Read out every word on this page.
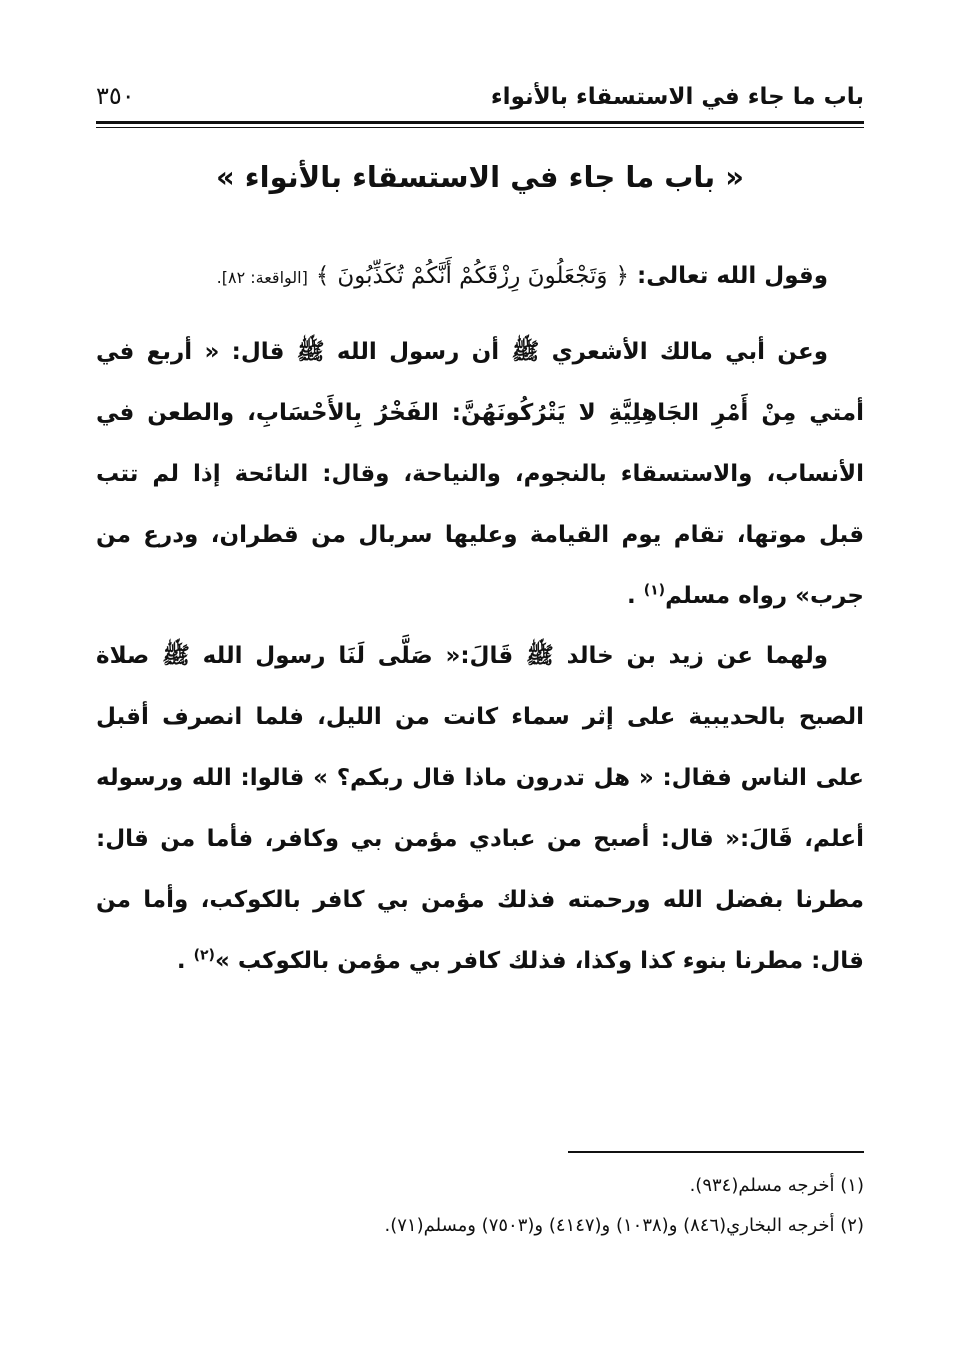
باب ما جاء في الاستسقاء بالأنواء
٣٥٠
« باب ما جاء في الاستسقاء بالأنواء »
وقول الله تعالى: ﴿ وَتَجْعَلُونَ رِزْقَكُمْ أَنَّكُمْ تُكَذِّبُونَ ﴾ [الواقعة: ٨٢].
وعن أبي مالك الأشعري ﷺ أن رسول الله ﷺ قال: « أربع في أمتي مِنْ أَمْرِ الجَاهِلِيَّةِ لا يَتْرُكُونَهُنَّ: الفَخْرُ بِالأَحْسَابِ، والطعن في الأنساب، والاستسقاء بالنجوم، والنياحة، وقال: النائحة إذا لم تتب قبل موتها، تقام يوم القيامة وعليها سربال من قطران، ودرع من جرب» رواه مسلم$^{(١)}$ .
ولهما عن زيد بن خالد ﷺ قَالَ:« صَلَّى لَنَا رسول الله ﷺ صلاة الصبح بالحديبية على إثر سماء كانت من الليل، فلما انصرف أقبل على الناس فقال: « هل تدرون ماذا قال ربكم؟ » قالوا: الله ورسوله أعلم، قَالَ:« قال: أصبح من عبادي مؤمن بي وكافر، فأما من قال: مطرنا بفضل الله ورحمته فذلك مؤمن بي كافر بالكوكب، وأما من قال: مطرنا بنوء كذا وكذا، فذلك كافر بي مؤمن بالكوكب »$^{(٢)}$ .
(١) أخرجه مسلم(٩٣٤).
(٢) أخرجه البخاري(٨٤٦) و(١٠٣٨) و(٤١٤٧) و(٧٥٠٣) ومسلم(٧١).
